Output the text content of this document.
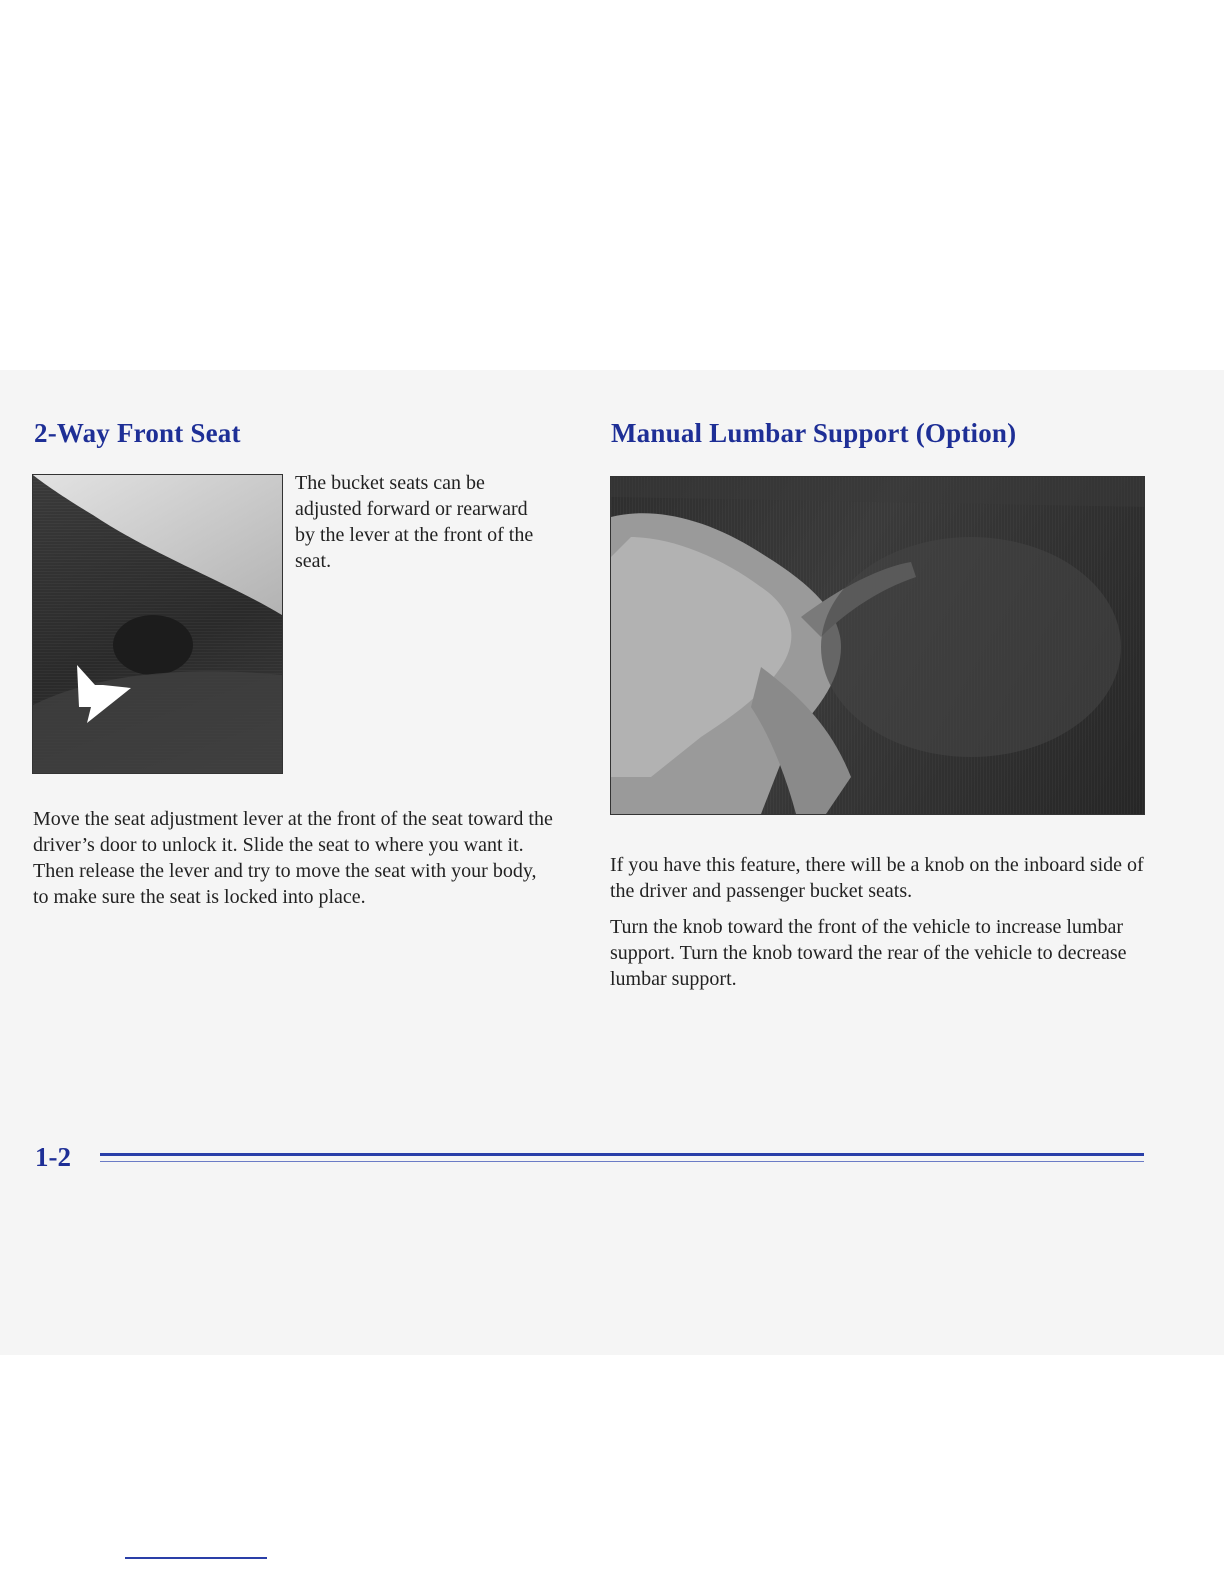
2-Way Front Seat

The bucket seats can be adjusted forward or rearward by the lever at the front of the seat.

Move the seat adjustment lever at the front of the seat toward the driver’s door to unlock it. Slide the seat to where you want it. Then release the lever and try to move the seat with your body, to make sure the seat is locked into place.

Manual Lumbar Support (Option)

If you have this feature, there will be a knob on the inboard side of the driver and passenger bucket seats.

Turn the knob toward the front of the vehicle to increase lumbar support. Turn the knob toward the rear of the vehicle to decrease lumbar support.

1-2
